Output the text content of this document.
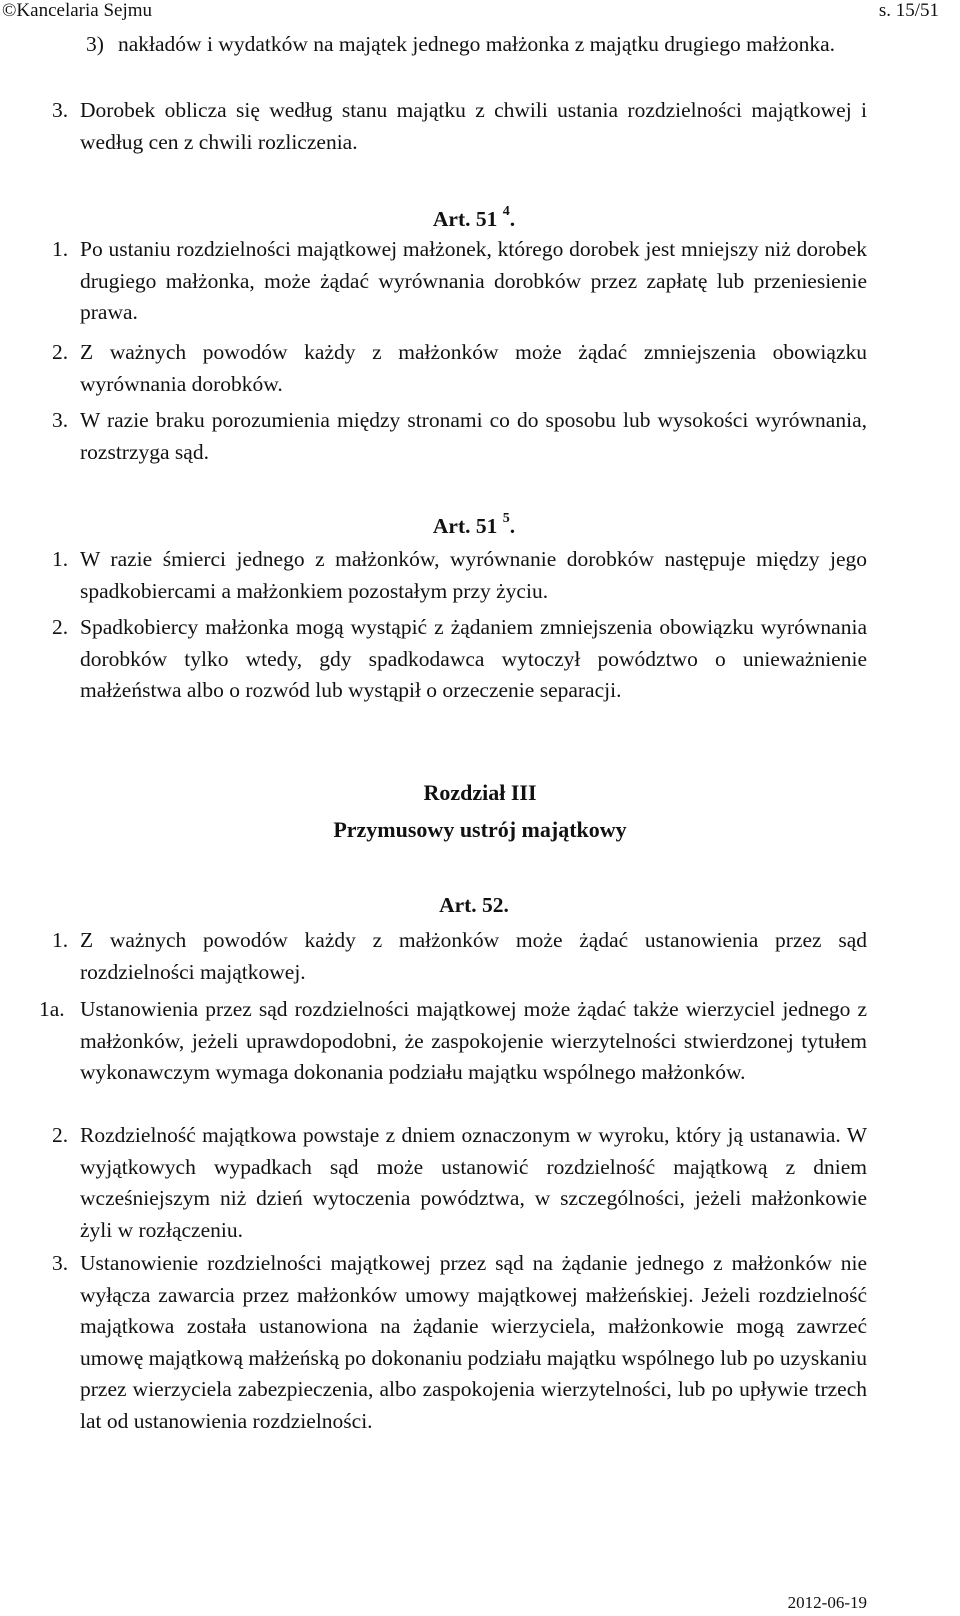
©Kancelaria Sejmu	s. 15/51
3) nakładów i wydatków na majątek jednego małżonka z majątku drugiego małżonka.
3. Dorobek oblicza się według stanu majątku z chwili ustania rozdzielności majątkowej i według cen z chwili rozliczenia.
Art. 51 $^4$.
1. Po ustaniu rozdzielności majątkowej małżonek, którego dorobek jest mniejszy niż dorobek drugiego małżonka, może żądać wyrównania dorobków przez zapłatę lub przeniesienie prawa.
2. Z ważnych powodów każdy z małżonków może żądać zmniejszenia obowiązku wyrównania dorobków.
3. W razie braku porozumienia między stronami co do sposobu lub wysokości wyrównania, rozstrzyga sąd.
Art. 51 $^5$.
1. W razie śmierci jednego z małżonków, wyrównanie dorobków następuje między jego spadkobiercami a małżonkiem pozostałym przy życiu.
2. Spadkobiercy małżonka mogą wystąpić z żądaniem zmniejszenia obowiązku wyrównania dorobków tylko wtedy, gdy spadkodawca wytoczył powództwo o unieważnienie małżeństwa albo o rozwód lub wystąpił o orzeczenie separacji.
Rozdział III
Przymusowy ustrój majątkowy
Art. 52.
1. Z ważnych powodów każdy z małżonków może żądać ustanowienia przez sąd rozdzielności majątkowej.
1a. Ustanowienia przez sąd rozdzielności majątkowej może żądać także wierzyciel jednego z małżonków, jeżeli uprawdopodobni, że zaspokojenie wierzytelności stwierdzonej tytułem wykonawczym wymaga dokonania podziału majątku wspólnego małżonków.
2. Rozdzielność majątkowa powstaje z dniem oznaczonym w wyroku, który ją ustanawia. W wyjątkowych wypadkach sąd może ustanowić rozdzielność majątkową z dniem wcześniejszym niż dzień wytoczenia powództwa, w szczególności, jeżeli małżonkowie żyli w rozłączeniu.
3. Ustanowienie rozdzielności majątkowej przez sąd na żądanie jednego z małżonków nie wyłącza zawarcia przez małżonków umowy majątkowej małżeńskiej. Jeżeli rozdzielność majątkowa została ustanowiona na żądanie wierzyciela, małżonkowie mogą zawrzeć umowę majątkową małżeńską po dokonaniu podziału majątku wspólnego lub po uzyskaniu przez wierzyciela zabezpieczenia, albo zaspokojenia wierzytelności, lub po upływie trzech lat od ustanowienia rozdzielności.
2012-06-19
